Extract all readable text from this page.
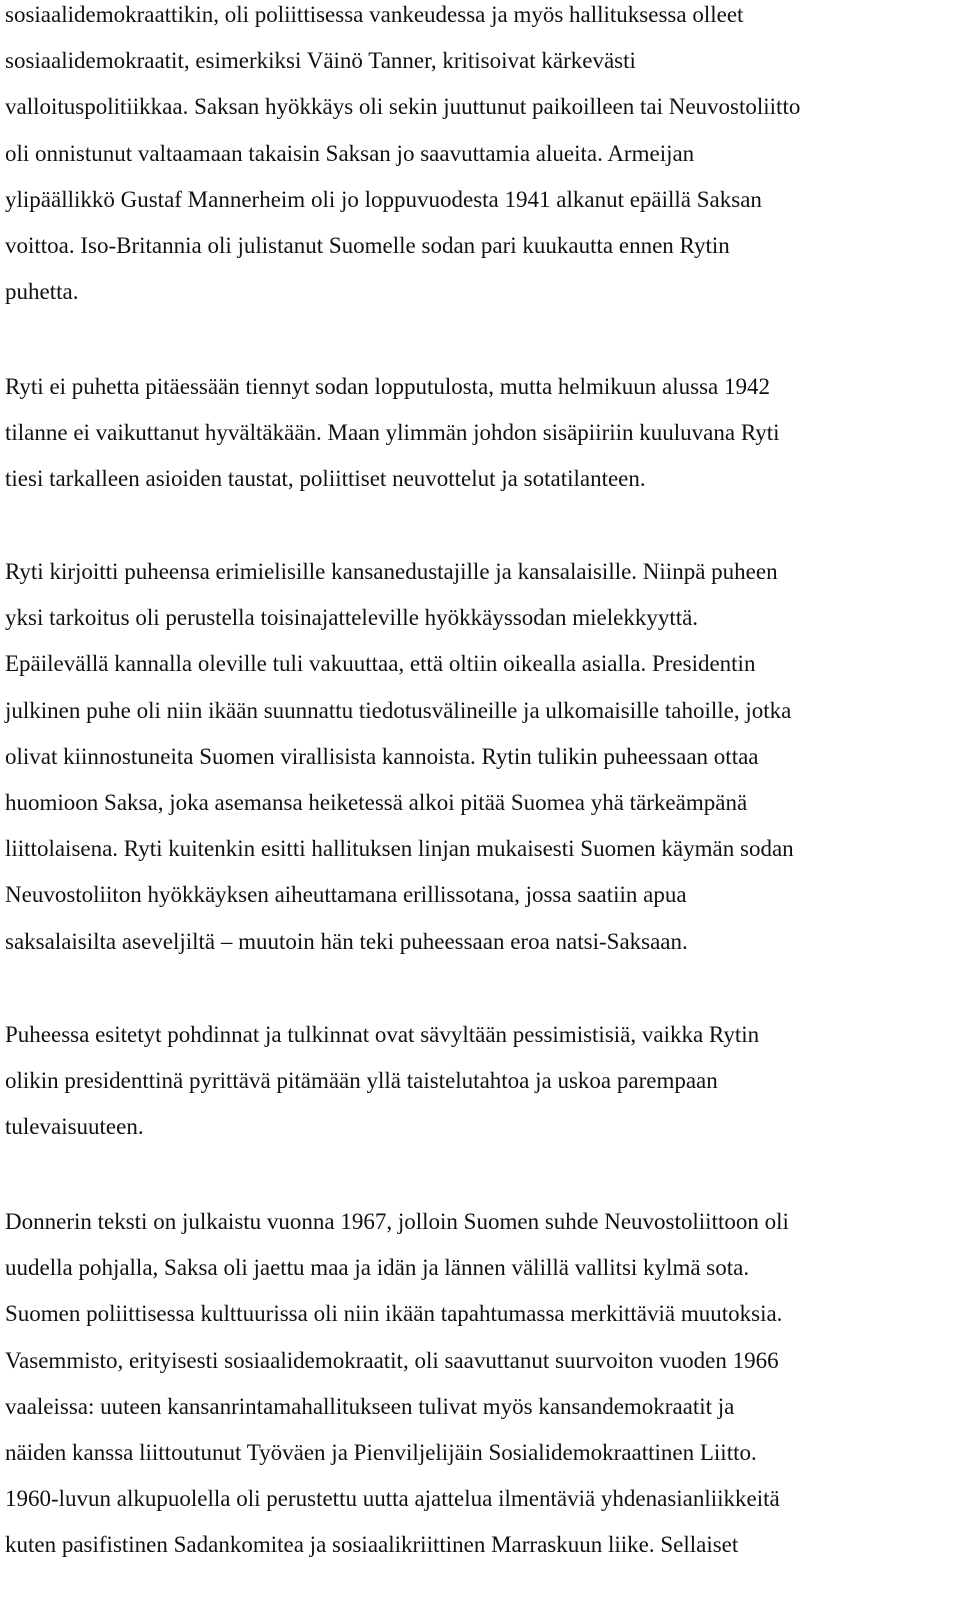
sosiaalidemokraattikin, oli poliittisessa vankeudessa ja myös hallituksessa olleet
sosiaalidemokraatit, esimerkiksi Väinö Tanner, kritisoivat kärkevästi
valloituspolitiikkaa. Saksan hyökkäys oli sekin juuttunut paikoilleen tai Neuvostoliitto
oli onnistunut valtaamaan takaisin Saksan jo saavuttamia alueita. Armeijan
ylipäällikkö Gustaf Mannerheim oli jo loppuvuodesta 1941 alkanut epäillä Saksan
voittoa. Iso-Britannia oli julistanut Suomelle sodan pari kuukautta ennen Rytin
puhetta.
Ryti ei puhetta pitäessään tiennyt sodan lopputulosta, mutta helmikuun alussa 1942
tilanne ei vaikuttanut hyvältäkään. Maan ylimmän johdon sisäpiiriin kuuluvana Ryti
tiesi tarkalleen asioiden taustat, poliittiset neuvottelut ja sotatilanteen.
Ryti kirjoitti puheensa erimielisille kansanedustajille ja kansalaisille. Niinpä puheen
yksi tarkoitus oli perustella toisinajatteleville hyökkäyssodan mielekkyyttä.
Epäilevällä kannalla oleville tuli vakuuttaa, että oltiin oikealla asialla. Presidentin
julkinen puhe oli niin ikään suunnattu tiedotusvälineille ja ulkomaisille tahoille, jotka
olivat kiinnostuneita Suomen virallisista kannoista. Rytin tulikin puheessaan ottaa
huomioon Saksa, joka asemansa heiketessä alkoi pitää Suomea yhä tärkeämpänä
liittolaisena. Ryti kuitenkin esitti hallituksen linjan mukaisesti Suomen käymän sodan
Neuvostoliiton hyökkäyksen aiheuttamana erillissotana, jossa saatiin apua
saksalaisilta aseveljiltä – muutoin hän teki puheessaan eroa natsi-Saksaan.
Puheessa esitetyt pohdinnat ja tulkinnat ovat sävyltään pessimistisiä, vaikka Rytin
olikin presidenttinä pyrittävä pitämään yllä taistelutahtoa ja uskoa parempaan
tulevaisuuteen.
Donnerin teksti on julkaistu vuonna 1967, jolloin Suomen suhde Neuvostoliittoon oli
uudella pohjalla, Saksa oli jaettu maa ja idän ja lännen välillä vallitsi kylmä sota.
Suomen poliittisessa kulttuurissa oli niin ikään tapahtumassa merkittäviä muutoksia.
Vasemmisto, erityisesti sosiaalidemokraatit, oli saavuttanut suurvoiton vuoden 1966
vaaleissa: uuteen kansanrintamahallitukseen tulivat myös kansandemokraatit ja
näiden kanssa liittoutunut Työväen ja Pienviljelijäin Sosialidemokraattinen Liitto.
1960-luvun alkupuolella oli perustettu uutta ajattelua ilmentäviä yhdenasianliikkeitä
kuten pasifistinen Sadankomitea ja sosiaalikriittinen Marraskuun liike. Sellaiset
